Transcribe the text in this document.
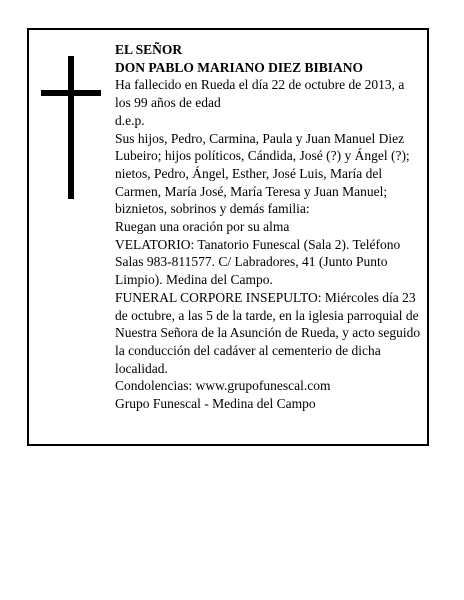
EL SEÑOR

DON PABLO MARIANO DIEZ BIBIANO

Ha fallecido en Rueda el día 22 de octubre de 2013, a los 99 años de edad

d.e.p.

Sus hijos, Pedro, Carmina, Paula y Juan Manuel Diez Lubeiro; hijos políticos, Cándida, José (?) y Ángel (?); nietos, Pedro, Ángel, Esther, José Luis, María del Carmen, María José, María Teresa y Juan Manuel; biznietos, sobrinos y demás familia:

Ruegan una oración por su alma

VELATORIO: Tanatorio Funescal (Sala 2). Teléfono Salas 983-811577. C/ Labradores, 41 (Junto Punto Limpio). Medina del Campo.

FUNERAL CORPORE INSEPULTO: Miércoles día 23 de octubre, a las 5 de la tarde, en la iglesia parroquial de Nuestra Señora de la Asunción de Rueda, y acto seguido la conducción del cadáver al cementerio de dicha localidad.

Condolencias: www.grupofunescal.com

Grupo Funescal - Medina del Campo
